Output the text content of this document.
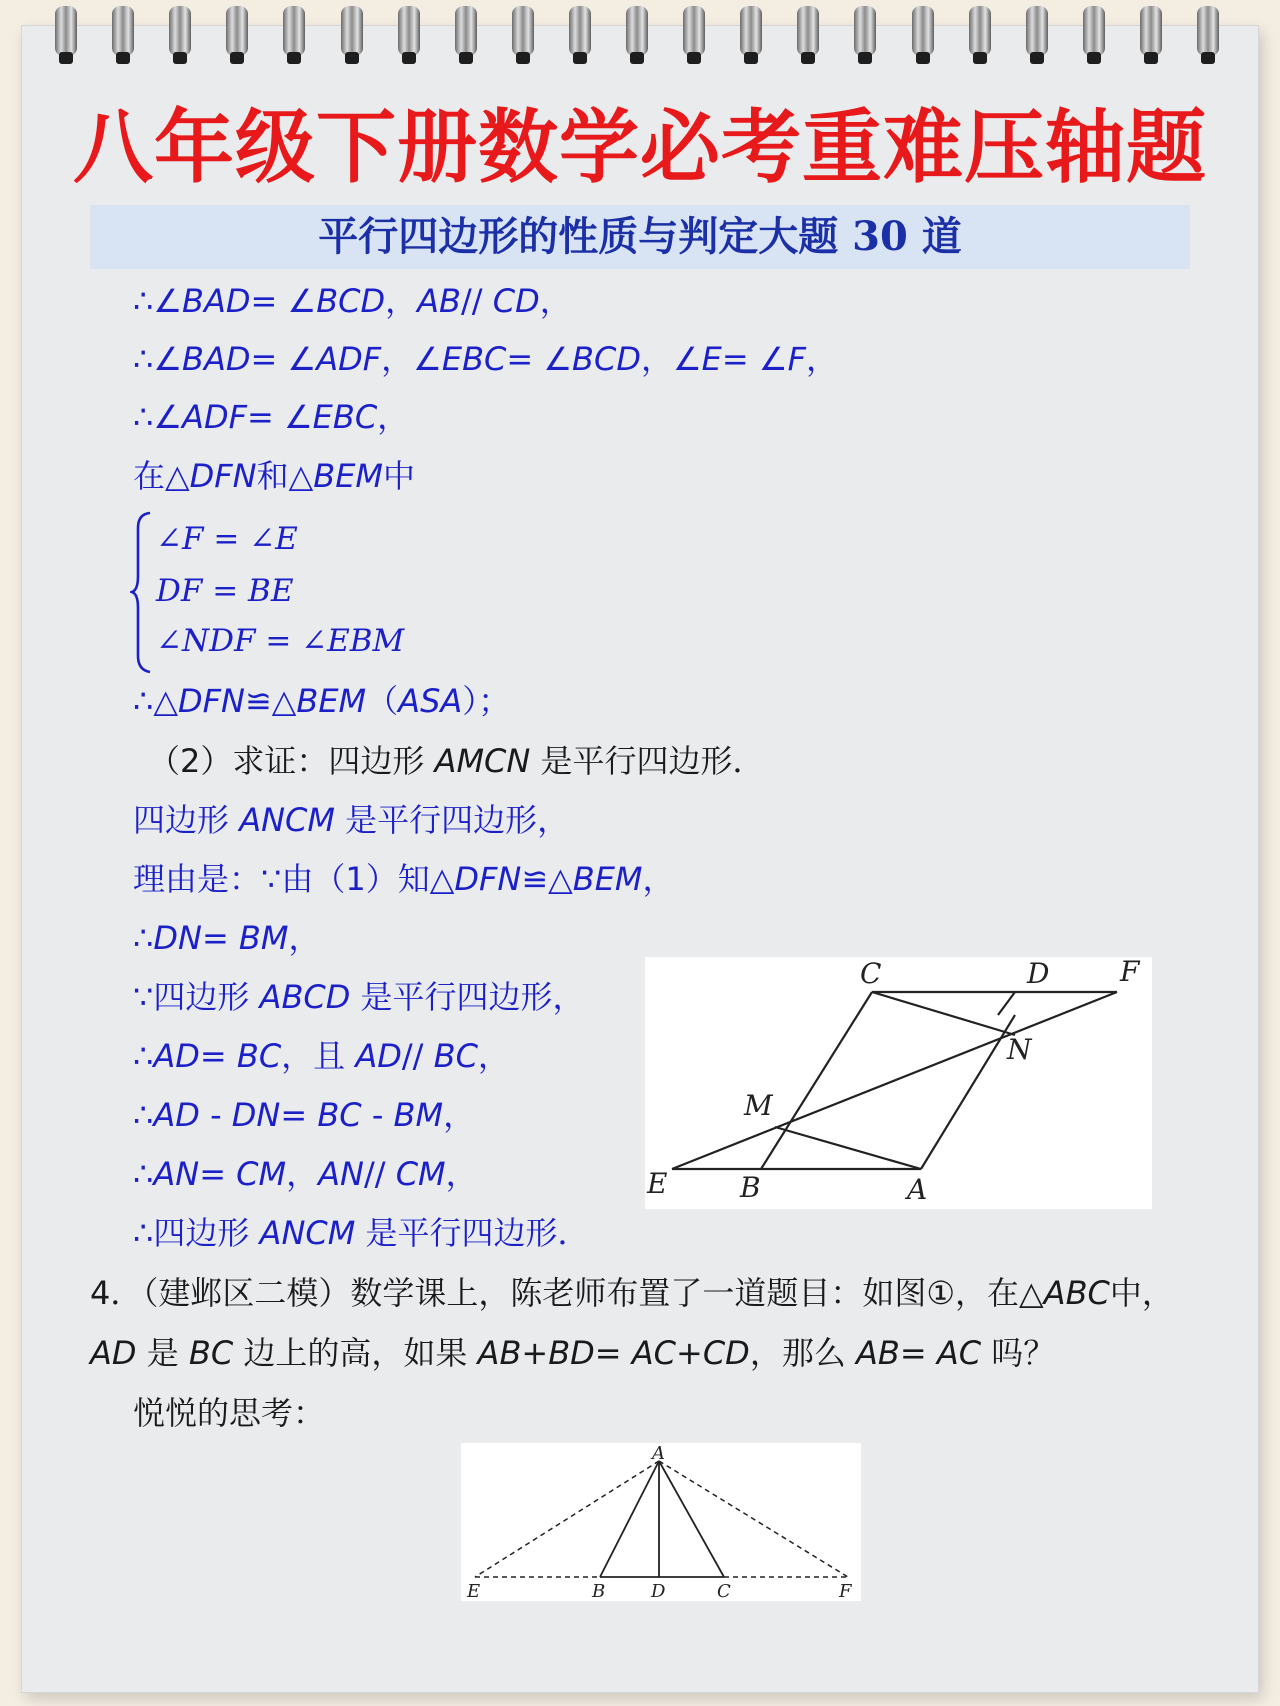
八年级下册数学必考重难压轴题
平行四边形的性质与判定大题 30 道
∴∠BAD= ∠BCD，AB// CD，
∴∠BAD= ∠ADF，∠EBC= ∠BCD，∠E= ∠F，
∴∠ADF= ∠EBC，
在△DFN和△BEM中
∠F = ∠E
DF = BE
∠NDF = ∠EBM
∴△DFN≌△BEM（ASA）；
（2）求证：四边形 AMCN 是平行四边形．
四边形 ANCM 是平行四边形，
理由是：∵由（1）知△DFN≌△BEM，
∴DN= BM，
∵四边形 ABCD 是平行四边形，
∴AD= BC，且 AD// BC，
∴AD - DN= BC - BM，
∴AN= CM，AN// CM，
∴四边形 ANCM 是平行四边形．
4．（建邺区二模）数学课上，陈老师布置了一道题目：如图①，在△ABC中，
AD 是 BC 边上的高，如果 AB+BD= AC+CD，那么 AB= AC 吗？
悦悦的思考：
C	D	F
N
M
E	B	A
A
E	B	D	C	F
